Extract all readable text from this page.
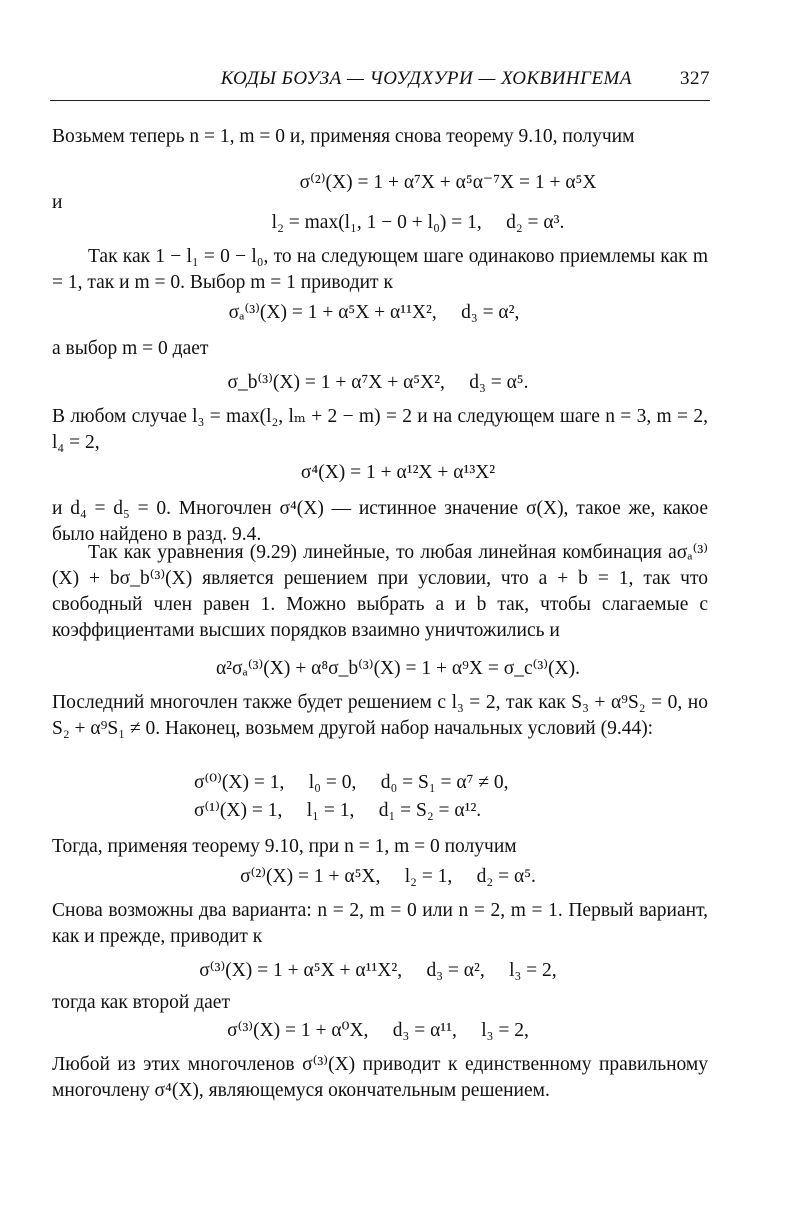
КОДЫ БОУЗА — ЧОУДХУРИ — ХОКВИНГЕМА	327
Возьмем теперь n = 1, m = 0 и, применяя снова теорему 9.10, получим
σ⁽²⁾(X) = 1 + α⁷X + α⁵α⁻⁷X = 1 + α⁵X
и
l₂ = max(l₁, 1 − 0 + l₀) = 1,     d₂ = α³.
Так как 1 − l₁ = 0 − l₀, то на следующем шаге одинаково приемлемы как m = 1, так и m = 0. Выбор m = 1 приводит к
σₐ⁽³⁾(X) = 1 + α⁵X + α¹¹X²,     d₃ = α²,
а выбор m = 0 дает
σ_b⁽³⁾(X) = 1 + α⁷X + α⁵X²,     d₃ = α⁵.
В любом случае l₃ = max(l₂, lₘ + 2 − m) = 2 и на следующем шаге n = 3, m = 2, l₄ = 2,
σ⁴(X) = 1 + α¹²X + α¹³X²
и d₄ = d₅ = 0. Многочлен σ⁴(X) — истинное значение σ(X), такое же, какое было найдено в разд. 9.4.
Так как уравнения (9.29) линейные, то любая линейная комбинация aσₐ⁽³⁾(X) + bσ_b⁽³⁾(X) является решением при условии, что a + b = 1, так что свободный член равен 1. Можно выбрать a и b так, чтобы слагаемые с коэффициентами высших порядков взаимно уничтожились и
α²σₐ⁽³⁾(X) + α⁸σ_b⁽³⁾(X) = 1 + α⁹X = σ_c⁽³⁾(X).
Последний многочлен также будет решением с l₃ = 2, так как S₃ + α⁹S₂ = 0, но S₂ + α⁹S₁ ≠ 0. Наконец, возьмем другой набор начальных условий (9.44):
σ⁽⁰⁾(X) = 1,     l₀ = 0,     d₀ = S₁ = α⁷ ≠ 0,
σ⁽¹⁾(X) = 1,     l₁ = 1,     d₁ = S₂ = α¹².
Тогда, применяя теорему 9.10, при n = 1, m = 0 получим
σ⁽²⁾(X) = 1 + α⁵X,     l₂ = 1,     d₂ = α⁵.
Снова возможны два варианта: n = 2, m = 0 или n = 2, m = 1. Первый вариант, как и прежде, приводит к
σ⁽³⁾(X) = 1 + α⁵X + α¹¹X²,     d₃ = α²,     l₃ = 2,
тогда как второй дает
σ⁽³⁾(X) = 1 + α⁰X,     d₃ = α¹¹,     l₃ = 2,
Любой из этих многочленов σ⁽³⁾(X) приводит к единственному правильному многочлену σ⁴(X), являющемуся окончательным решением.
